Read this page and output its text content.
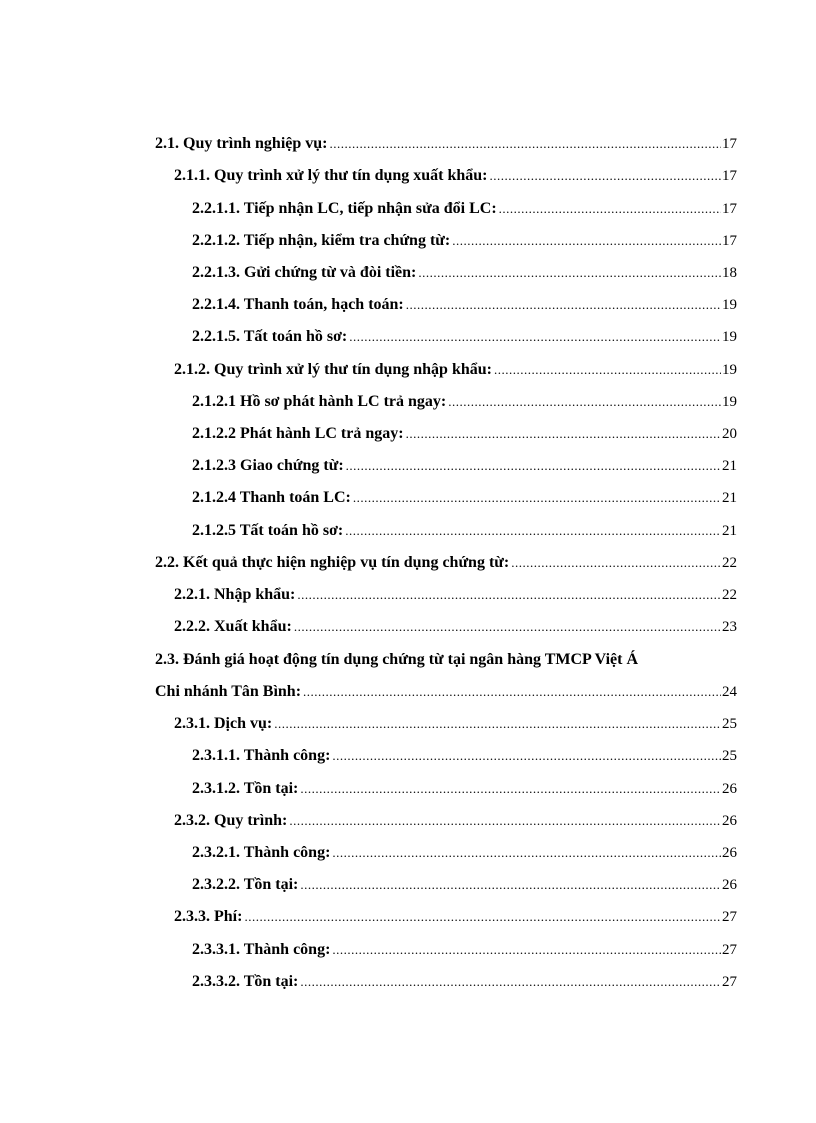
2.1. Quy trình nghiệp vụ: .....	17
2.1.1. Quy trình xử lý thư tín dụng xuất khẩu: .....	17
2.2.1.1. Tiếp nhận LC, tiếp nhận sửa đổi LC: .....	17
2.2.1.2. Tiếp nhận, kiểm tra chứng từ: .....	17
2.2.1.3. Gửi chứng từ và đòi tiền: .....	18
2.2.1.4. Thanh toán, hạch toán: .....	19
2.2.1.5. Tất toán hồ sơ: .....	19
2.1.2. Quy trình xử lý thư tín dụng nhập khẩu: .....	19
2.1.2.1 Hồ sơ phát hành LC trả ngay: .....	19
2.1.2.2 Phát hành LC trả ngay: .....	20
2.1.2.3 Giao chứng từ: .....	21
2.1.2.4 Thanh toán LC: .....	21
2.1.2.5 Tất toán hồ sơ: .....	21
2.2. Kết quả thực hiện nghiệp vụ tín dụng chứng từ: .....	22
2.2.1. Nhập khẩu: .....	22
2.2.2. Xuất khẩu: .....	23
2.3. Đánh giá hoạt động tín dụng chứng từ tại ngân hàng TMCP Việt Á
Chi nhánh Tân Bình: .....	24
2.3.1. Dịch vụ: .....	25
2.3.1.1. Thành công: .....	25
2.3.1.2. Tồn tại: .....	26
2.3.2. Quy trình: .....	26
2.3.2.1. Thành công: .....	26
2.3.2.2. Tồn tại: .....	26
2.3.3. Phí: .....	27
2.3.3.1. Thành công: .....	27
2.3.3.2. Tồn tại: .....	27
